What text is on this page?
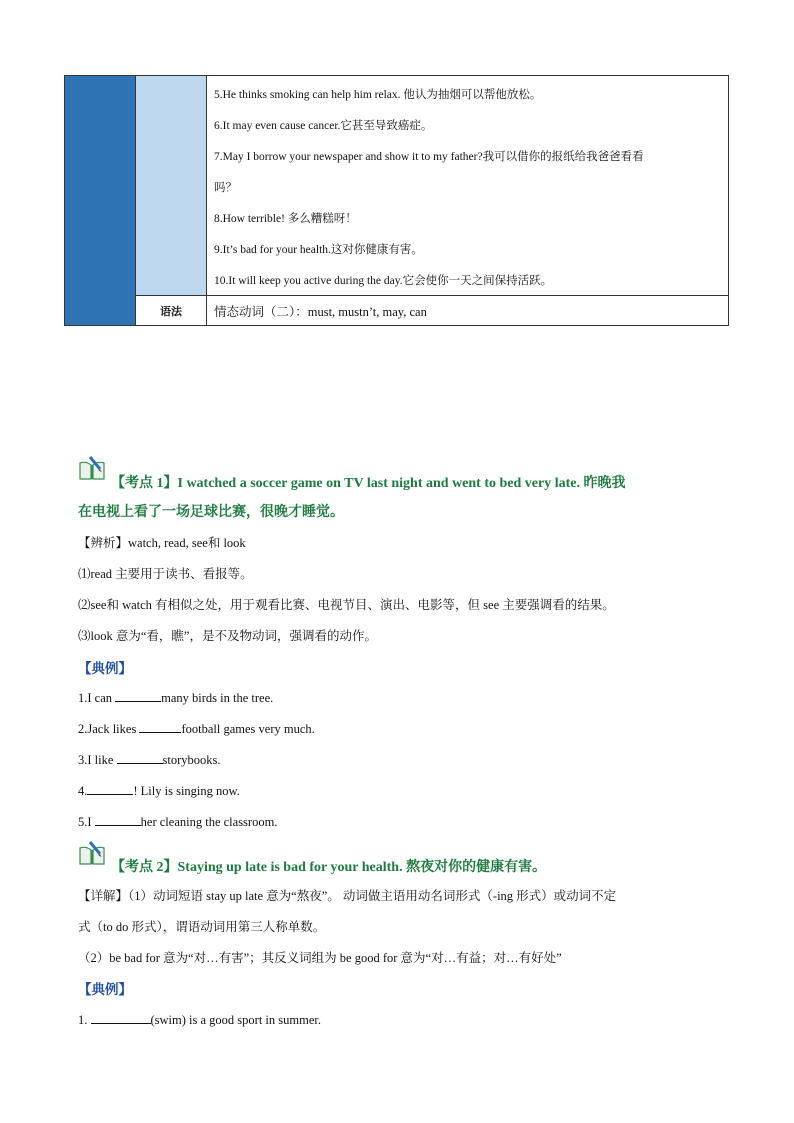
5.He thinks smoking can help him relax. 他认为抽烟可以帮他放松。
6.It may even cause cancer.它甚至导致癌症。
7.May I borrow your newspaper and show it to my father?我可以借你的报纸给我爸爸看看
吗？
8.How terrible! 多么糟糕呀！
9.It’s bad for your health.这对你健康有害。
10.It will keep you active during the day.它会使你一天之间保持活跃。
语法	情态动词（二）：must, mustn’t, may, can
【考点 1】I watched a soccer game on TV last night and went to bed very late. 昨晚我
在电视上看了一场足球比赛，很晚才睡觉。
【辨析】watch, read, see和 look
⑴read 主要用于读书、看报等。
⑵see和 watch 有相似之处，用于观看比赛、电视节目、演出、电影等，但 see 主要强调看的结果。
⑶look 意为“看，瞧”，是不及物动词，强调看的动作。
【典例】
1.I can	many birds in the tree.
2.Jack likes	football games very much.
3.I like	storybooks.
4.	! Lily is singing now.
5.I	her cleaning the classroom.
【考点 2】Staying up late is bad for your health. 熬夜对你的健康有害。
【详解】（1）动词短语 stay up late 意为“熬夜”。 动词做主语用动名词形式（-ing 形式）或动词不定
式（to do 形式），谓语动词用第三人称单数。
（2）be bad for 意为“对…有害”；其反义词组为 be good for 意为“对…有益；对…有好处”
【典例】
1.	(swim) is a good sport in summer.
